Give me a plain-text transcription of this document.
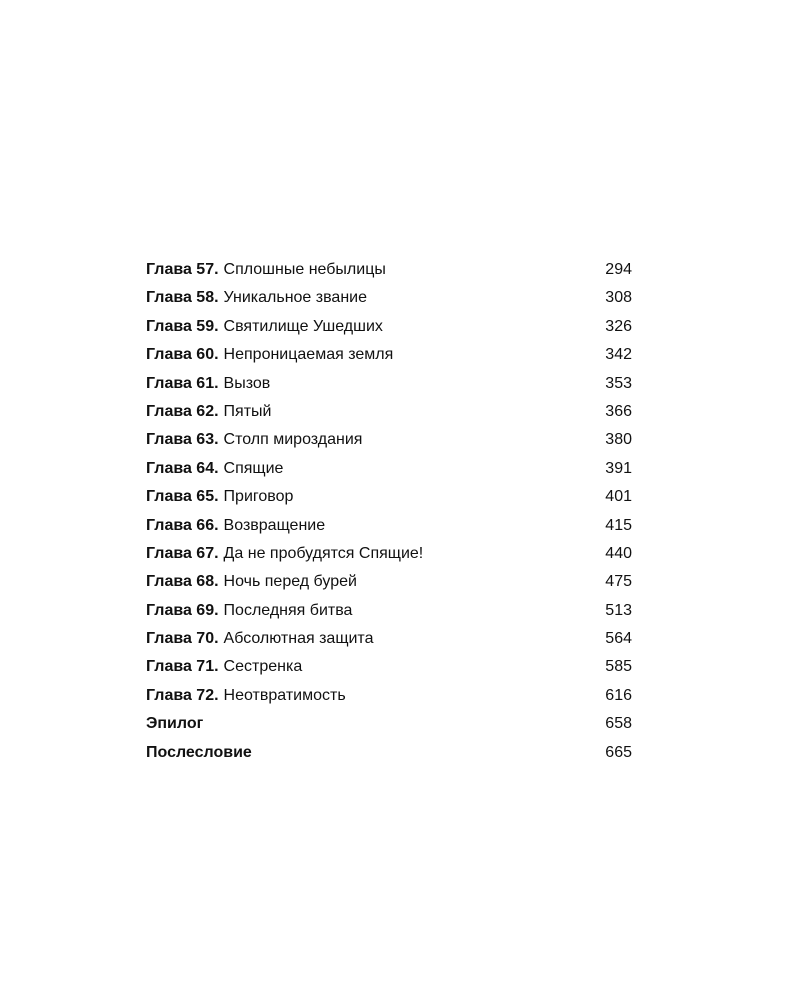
Глава 57. Сплошные небылицы	294
Глава 58. Уникальное звание	308
Глава 59. Святилище Ушедших	326
Глава 60. Непроницаемая земля	342
Глава 61. Вызов	353
Глава 62. Пятый	366
Глава 63. Столп мироздания	380
Глава 64. Спящие	391
Глава 65. Приговор	401
Глава 66. Возвращение	415
Глава 67. Да не пробудятся Спящие!	440
Глава 68. Ночь перед бурей	475
Глава 69. Последняя битва	513
Глава 70. Абсолютная защита	564
Глава 71. Сестренка	585
Глава 72. Неотвратимость	616
Эпилог	658
Послесловие	665
